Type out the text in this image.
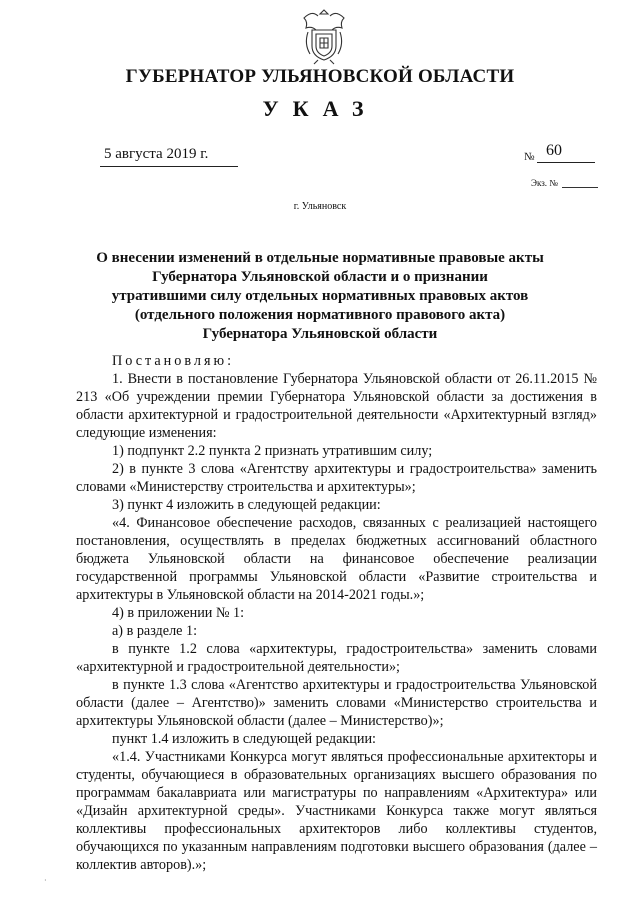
ГУБЕРНАТОР УЛЬЯНОВСКОЙ ОБЛАСТИ
УКАЗ
5 августа 2019 г.	№ 60
Экз. №
г. Ульяновск
О внесении изменений в отдельные нормативные правовые акты
Губернатора Ульяновской области и о признании
утратившими силу отдельных нормативных правовых актов
(отдельного положения нормативного правового акта)
Губернатора Ульяновской области

Постановляю:

1. Внести в постановление Губернатора Ульяновской области от 26.11.2015 № 213 «Об учреждении премии Губернатора Ульяновской области за достижения в области архитектурной и градостроительной деятельности «Архитектурный взгляд» следующие изменения:

1) подпункт 2.2 пункта 2 признать утратившим силу;

2) в пункте 3 слова «Агентству архитектуры и градостроительства» заменить словами «Министерству строительства и архитектуры»;

3) пункт 4 изложить в следующей редакции:

«4. Финансовое обеспечение расходов, связанных с реализацией настоящего постановления, осуществлять в пределах бюджетных ассигнований областного бюджета Ульяновской области на финансовое обеспечение реализации государственной программы Ульяновской области «Развитие строительства и архитектуры в Ульяновской области на 2014-2021 годы.»;

4) в приложении № 1:

а) в разделе 1:

в пункте 1.2 слова «архитектуры, градостроительства» заменить словами «архитектурной и градостроительной деятельности»;

в пункте 1.3 слова «Агентство архитектуры и градостроительства Ульяновской области (далее – Агентство)» заменить словами «Министерство строительства и архитектуры Ульяновской области (далее – Министерство)»;

пункт 1.4 изложить в следующей редакции:

«1.4. Участниками Конкурса могут являться профессиональные архитекторы и студенты, обучающиеся в образовательных организациях высшего образования по программам бакалавриата или магистратуры по направлениям «Архитектура» или «Дизайн архитектурной среды». Участниками Конкурса также могут являться коллективы профессиональных архитекторов либо коллективы студентов, обучающихся по указанным направлениям подготовки высшего образования (далее – коллектив авторов).»;

·
